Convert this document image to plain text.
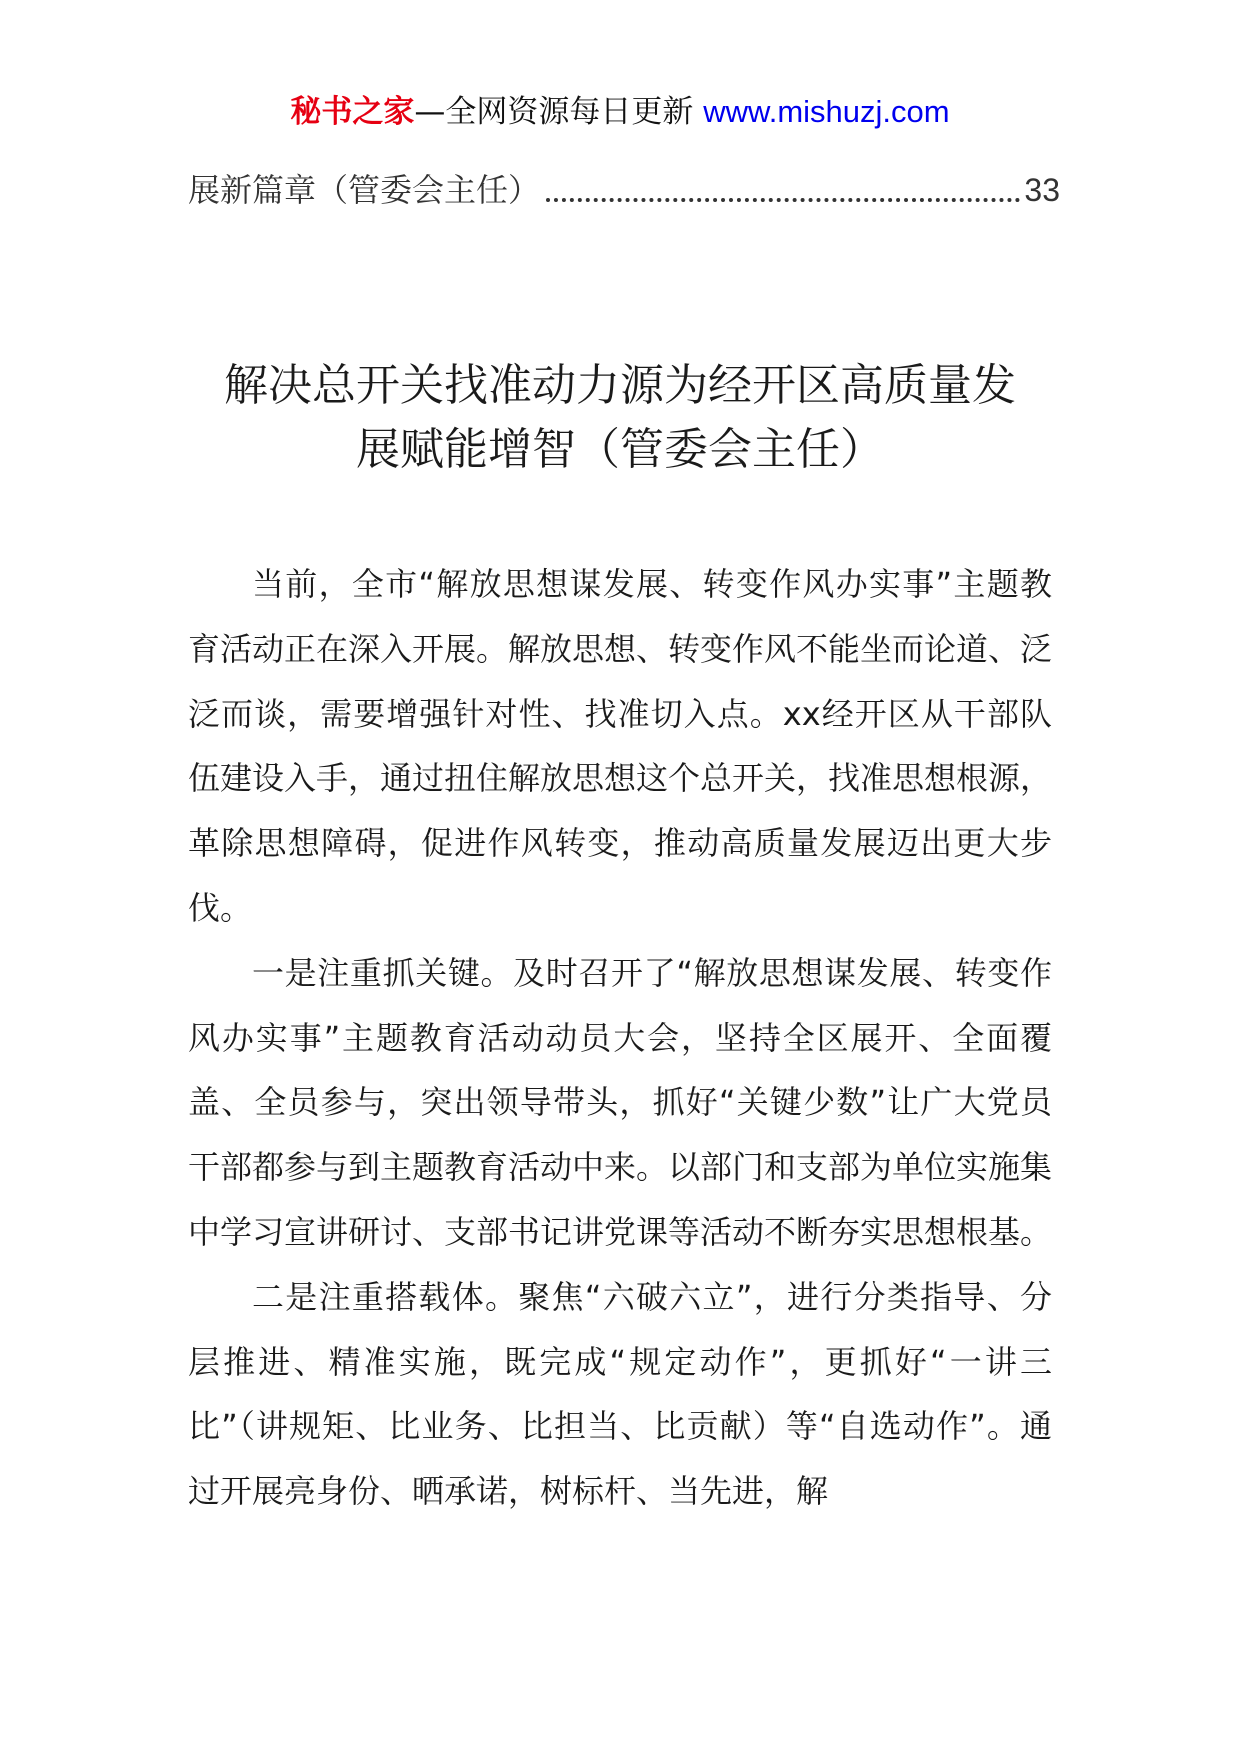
秘书之家—全网资源每日更新 www.mishuzj.com
展新篇章（管委会主任）	33
解决总开关找准动力源为经开区高质量发
展赋能增智（管委会主任）

当前，全市“解放思想谋发展、转变作风办实事”主题教育活动正在深入开展。解放思想、转变作风不能坐而论道、泛泛而谈，需要增强针对性、找准切入点。xx经开区从干部队伍建设入手，通过扭住解放思想这个总开关，找准思想根源，革除思想障碍，促进作风转变，推动高质量发展迈出更大步伐。

一是注重抓关键。及时召开了“解放思想谋发展、转变作风办实事”主题教育活动动员大会，坚持全区展开、全面覆盖、全员参与，突出领导带头，抓好“关键少数”让广大党员干部都参与到主题教育活动中来。以部门和支部为单位实施集中学习宣讲研讨、支部书记讲党课等活动不断夯实思想根基。

二是注重搭载体。聚焦“六破六立”，进行分类指导、分层推进、精准实施，既完成“规定动作”，更抓好“一讲三比”（讲规矩、比业务、比担当、比贡献）等“自选动作”。通过开展亮身份、晒承诺，树标杆、当先进，解
